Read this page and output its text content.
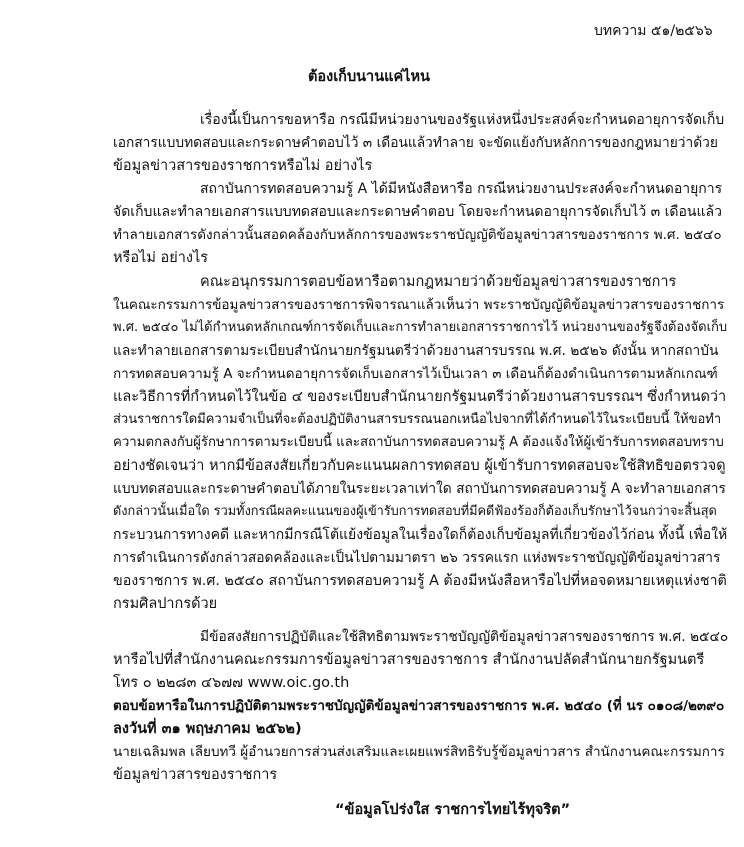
บทความ ๕๑/๒๕๖๖
ต้องเก็บนานแค่ไหน
เรื่องนี้เป็นการขอหารือ กรณีมีหน่วยงานของรัฐแห่งหนึ่งประสงค์จะกำหนดอายุการจัดเก็บ
เอกสารแบบทดสอบและกระดาษคำตอบไว้ ๓ เดือนแล้วทำลาย จะขัดแย้งกับหลักการของกฎหมายว่าด้วย
ข้อมูลข่าวสารของราชการหรือไม่ อย่างไร
สถาบันการทดสอบความรู้ A ได้มีหนังสือหารือ กรณีหน่วยงานประสงค์จะกำหนดอายุการ
จัดเก็บและทำลายเอกสารแบบทดสอบและกระดาษคำตอบ โดยจะกำหนดอายุการจัดเก็บไว้ ๓ เดือนแล้ว
ทำลายเอกสารดังกล่าวนั้นสอดคล้องกับหลักการของพระราชบัญญัติข้อมูลข่าวสารของราชการ พ.ศ. ๒๕๔๐
หรือไม่ อย่างไร
คณะอนุกรรมการตอบข้อหารือตามกฎหมายว่าด้วยข้อมูลข่าวสารของราชการ
ในคณะกรรมการข้อมูลข่าวสารของราชการพิจารณาแล้วเห็นว่า พระราชบัญญัติข้อมูลข่าวสารของราชการ
พ.ศ. ๒๕๔๐ ไม่ได้กำหนดหลักเกณฑ์การจัดเก็บและการทำลายเอกสารราชการไว้ หน่วยงานของรัฐจึงต้องจัดเก็บ
และทำลายเอกสารตามระเบียบสำนักนายกรัฐมนตรีว่าด้วยงานสารบรรณ พ.ศ. ๒๕๒๖ ดังนั้น หากสถาบัน
การทดสอบความรู้ A จะกำหนดอายุการจัดเก็บเอกสารไว้เป็นเวลา ๓ เดือนก็ต้องดำเนินการตามหลักเกณฑ์
และวิธีการที่กำหนดไว้ในข้อ ๔ ของระเบียบสำนักนายกรัฐมนตรีว่าด้วยงานสารบรรณฯ ซึ่งกำหนดว่า
ส่วนราชการใดมีความจำเป็นที่จะต้องปฏิบัติงานสารบรรณนอกเหนือไปจากที่ได้กำหนดไว้ในระเบียบนี้ ให้ขอทำ
ความตกลงกับผู้รักษาการตามระเบียบนี้ และสถาบันการทดสอบความรู้ A ต้องแจ้งให้ผู้เข้ารับการทดสอบทราบ
อย่างชัดเจนว่า หากมีข้อสงสัยเกี่ยวกับคะแนนผลการทดสอบ ผู้เข้ารับการทดสอบจะใช้สิทธิขอตรวจดู
แบบทดสอบและกระดาษคำตอบได้ภายในระยะเวลาเท่าใด สถาบันการทดสอบความรู้ A จะทำลายเอกสาร
ดังกล่าวนั้นเมื่อใด รวมทั้งกรณีผลคะแนนของผู้เข้ารับการทดสอบที่มีคดีฟ้องร้องก็ต้องเก็บรักษาไว้จนกว่าจะสิ้นสุด
กระบวนการทางคดี และหากมีกรณีโต้แย้งข้อมูลในเรื่องใดก็ต้องเก็บข้อมูลที่เกี่ยวข้องไว้ก่อน ทั้งนี้ เพื่อให้
การดำเนินการดังกล่าวสอดคล้องและเป็นไปตามมาตรา ๒๖ วรรคแรก แห่งพระราชบัญญัติข้อมูลข่าวสาร
ของราชการ พ.ศ. ๒๕๔๐ สถาบันการทดสอบความรู้ A ต้องมีหนังสือหารือไปที่หอจดหมายเหตุแห่งชาติ
กรมศิลปากรด้วย
มีข้อสงสัยการปฏิบัติและใช้สิทธิตามพระราชบัญญัติข้อมูลข่าวสารของราชการ พ.ศ. ๒๕๔๐
หารือไปที่สำนักงานคณะกรรมการข้อมูลข่าวสารของราชการ สำนักงานปลัดสำนักนายกรัฐมนตรี
โทร ๐ ๒๒๘๓ ๔๖๗๗ www.oic.go.th
ตอบข้อหารือในการปฏิบัติตามพระราชบัญญัติข้อมูลข่าวสารของราชการ พ.ศ. ๒๕๔๐ (ที่ นร ๐๑๐๘/๒๓๙๐
ลงวันที่ ๓๑ พฤษภาคม ๒๕๖๒)
นายเฉลิมพล เลียบทวี ผู้อำนวยการส่วนส่งเสริมและเผยแพร่สิทธิรับรู้ข้อมูลข่าวสาร สำนักงานคณะกรรมการ
ข้อมูลข่าวสารของราชการ
“ข้อมูลโปร่งใส ราชการไทยไร้ทุจริต”
